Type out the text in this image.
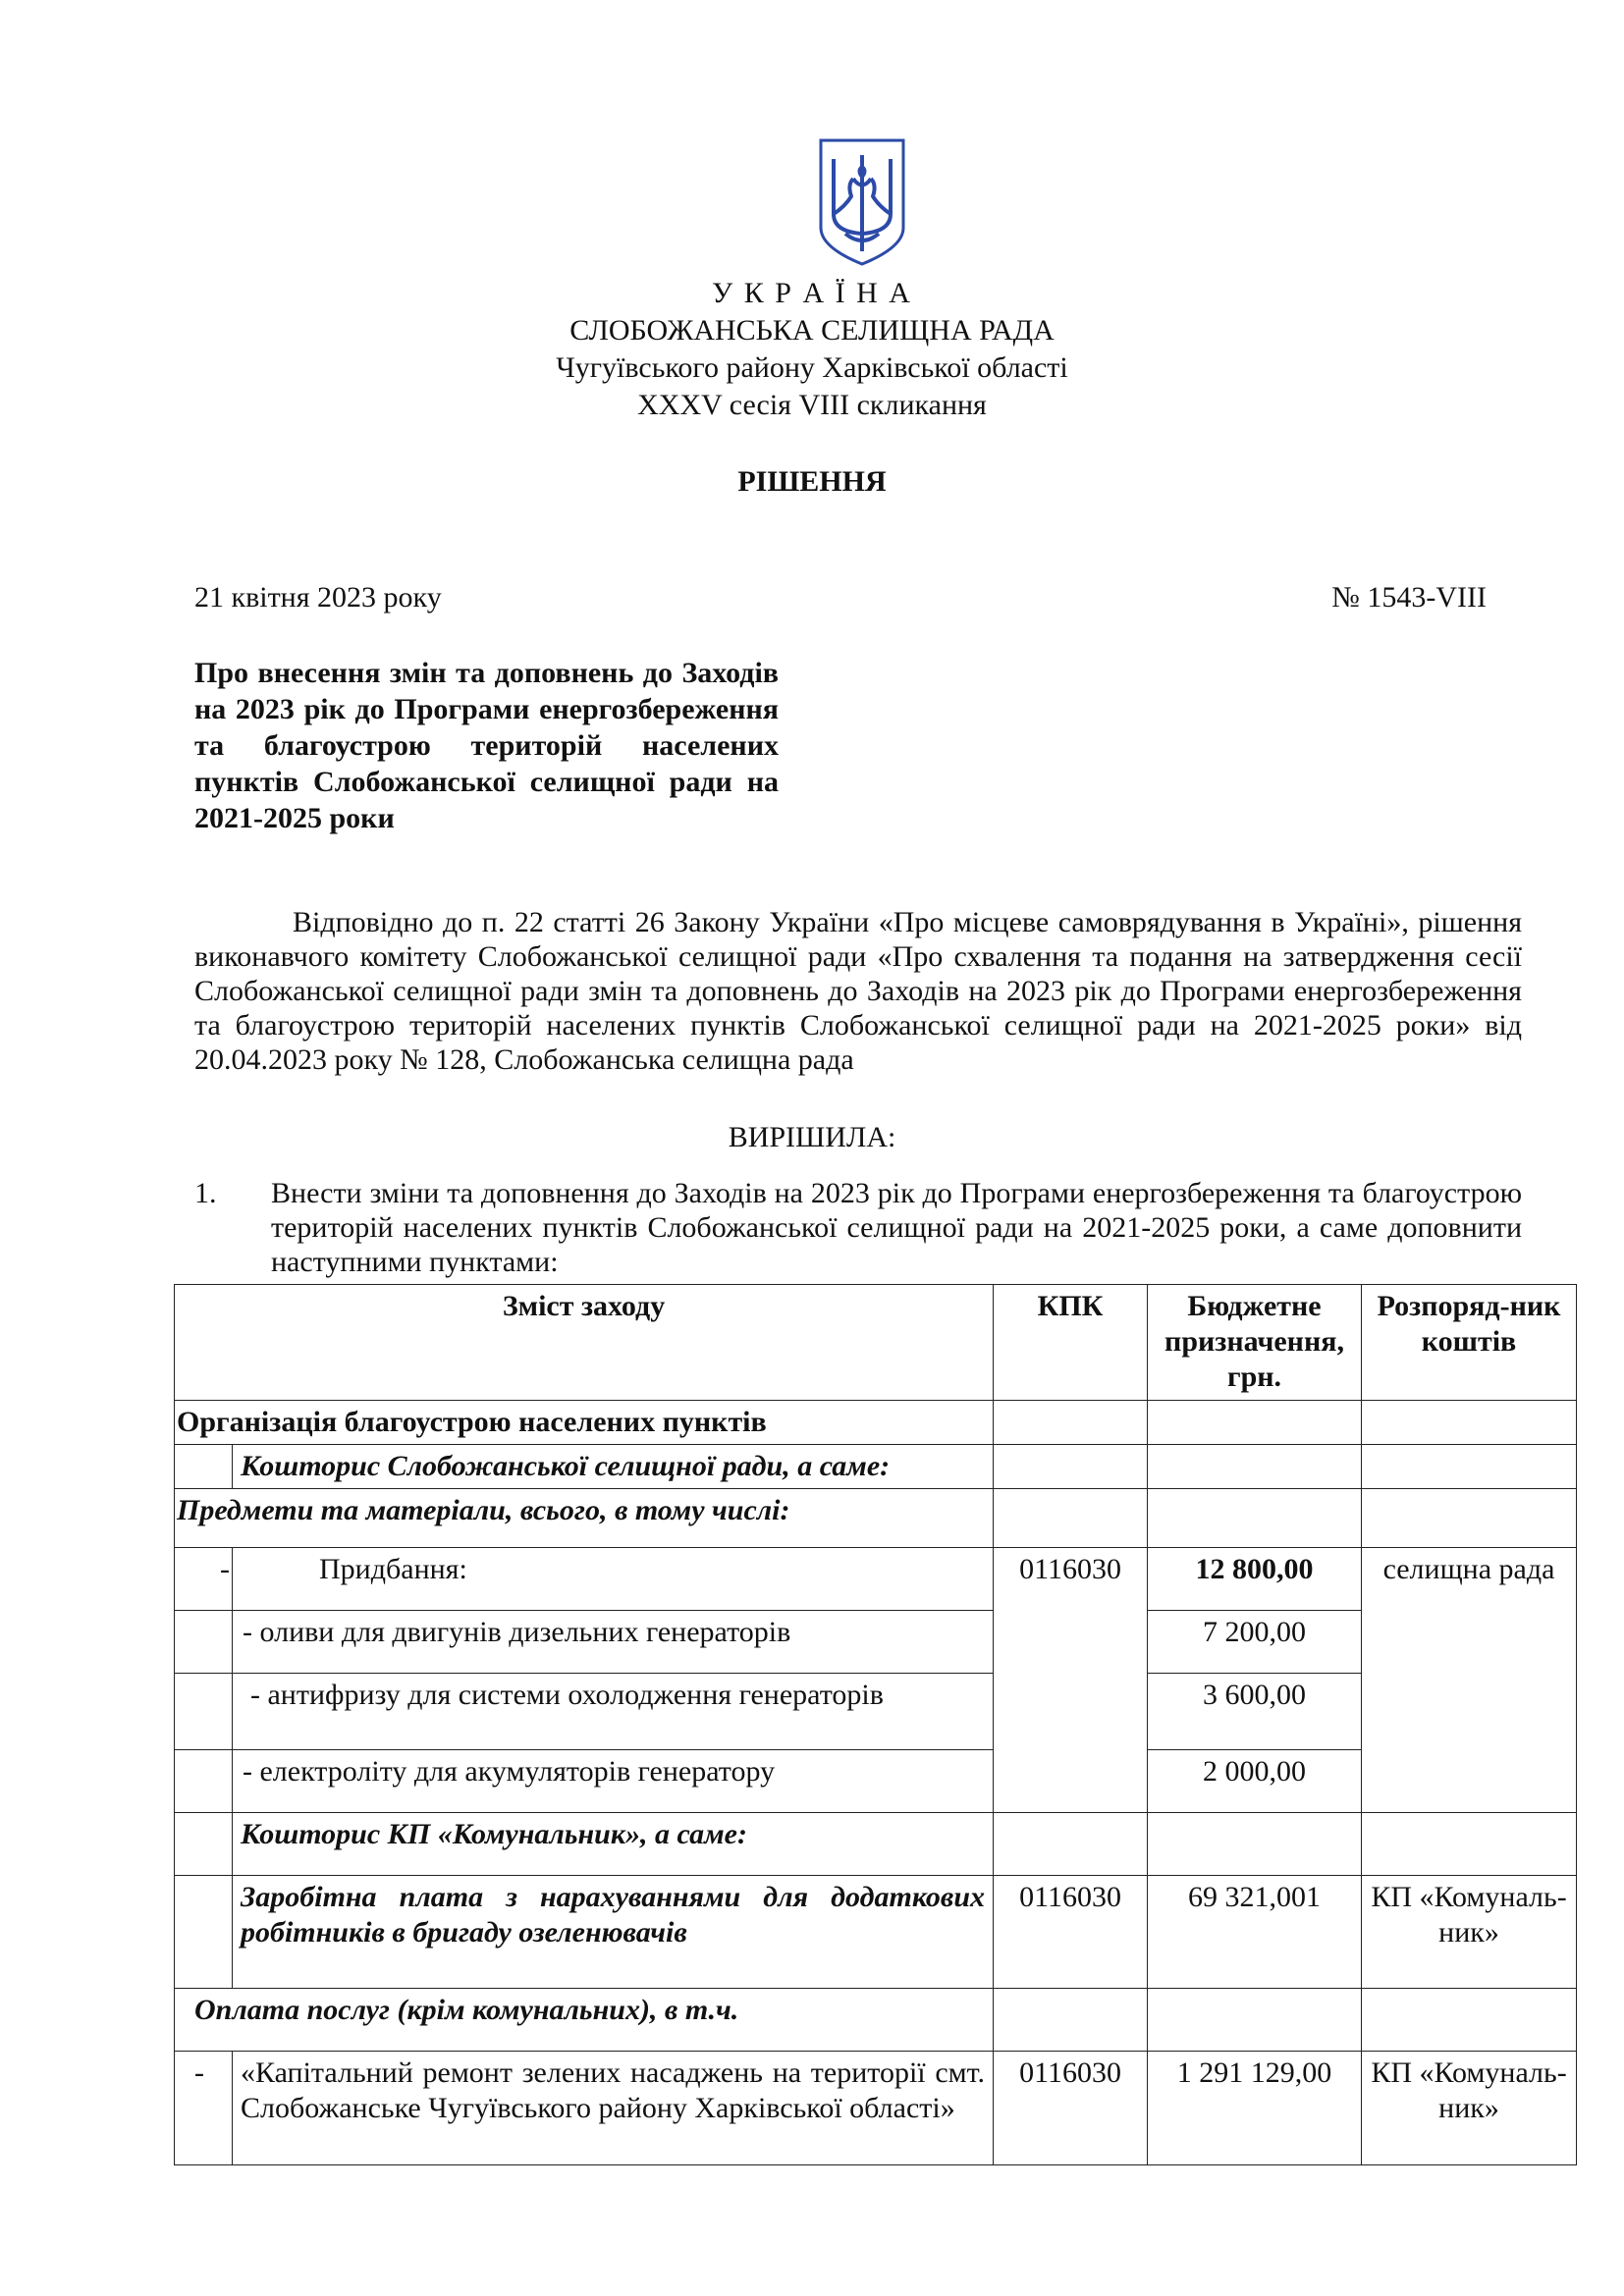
У К Р А Ї Н А
СЛОБОЖАНСЬКА СЕЛИЩНА РАДА
Чугуївського району Харківської області
XXXV сесія VIII скликання
РІШЕННЯ
21 квітня 2023 року	№ 1543-VIII
Про внесення змін та доповнень до Заходів на 2023 рік до Програми енергозбереження та благоустрою територій населених пунктів Слобожанської селищної ради на 2021-2025 роки
Відповідно до п. 22 статті 26 Закону України «Про місцеве самоврядування в Україні», рішення виконавчого комітету Слобожанської селищної ради «Про схвалення та подання на затвердження сесії Слобожанської селищної ради змін та доповнень до Заходів на 2023 рік до Програми енергозбереження та благоустрою територій населених пунктів Слобожанської селищної ради на 2021-2025 роки» від 20.04.2023 року № 128, Слобожанська селищна рада
ВИРІШИЛА:
1. Внести зміни та доповнення до Заходів на 2023 рік до Програми енергозбереження та благоустрою територій населених пунктів Слобожанської селищної ради на 2021-2025 роки, а саме доповнити наступними пунктами:
Зміст заходу		КПК	Бюджетне призначення, грн.	Розпоряд-ник коштів
Організація благоустрою населених пунктів				
	Кошторис Слобожанської селищної ради, а саме:			
Предмети та матеріали, всього, в тому числі:				
-	Придбання:	0116030	12 800,00	селищна рада
	- оливи для двигунів дизельних генераторів		7 200,00	
	- антифризу для системи охолодження генераторів		3 600,00	
	- електроліту для акумуляторів генератору		2 000,00	
	Кошторис КП «Комунальник», а саме:			
	Заробітна плата з нарахуваннями для додаткових робітників в бригаду озеленювачів	0116030	69 321,001	КП «Комуналь-ник»
Оплата послуг (крім комунальних), в т.ч.				
-	«Капітальний ремонт зелених насаджень на території смт. Слобожанське Чугуївського району Харківської області»	0116030	1 291 129,00	КП «Комуналь-ник»
